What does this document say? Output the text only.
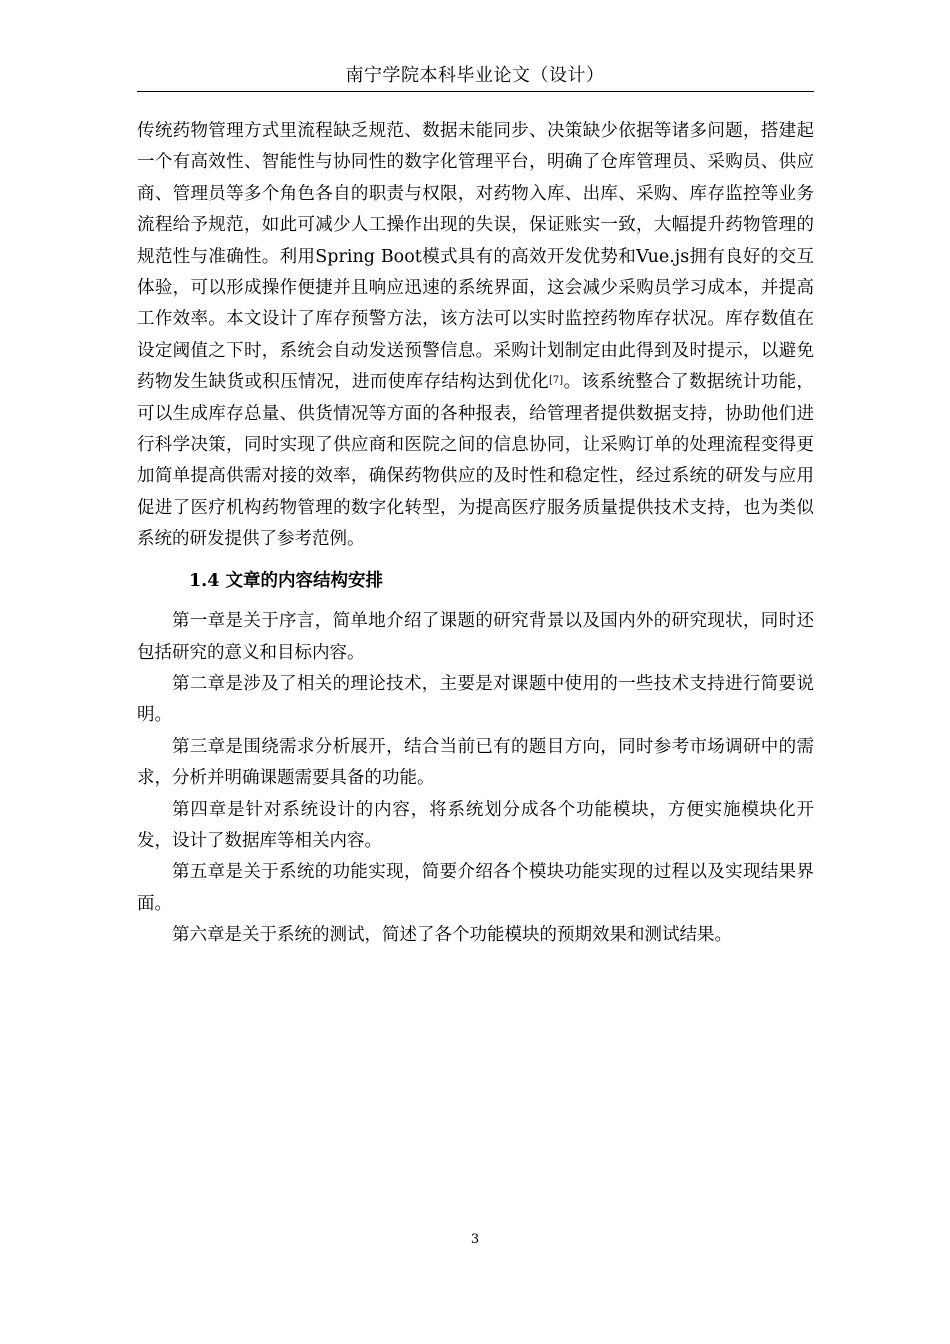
南宁学院本科毕业论文（设计）

传统药物管理方式里流程缺乏规范、数据未能同步、决策缺少依据等诸多问题，搭建起一个有高效性、智能性与协同性的数字化管理平台，明确了仓库管理员、采购员、供应商、管理员等多个角色各自的职责与权限，对药物入库、出库、采购、库存监控等业务流程给予规范，如此可减少人工操作出现的失误，保证账实一致，大幅提升药物管理的规范性与准确性。利用Spring Boot模式具有的高效开发优势和Vue.js拥有良好的交互体验，可以形成操作便捷并且响应迅速的系统界面，这会减少采购员学习成本，并提高工作效率。本文设计了库存预警方法，该方法可以实时监控药物库存状况。库存数值在设定阈值之下时，系统会自动发送预警信息。采购计划制定由此得到及时提示，以避免药物发生缺货或积压情况，进而使库存结构达到优化[7]。该系统整合了数据统计功能，可以生成库存总量、供货情况等方面的各种报表，给管理者提供数据支持，协助他们进行科学决策，同时实现了供应商和医院之间的信息协同，让采购订单的处理流程变得更加简单提高供需对接的效率，确保药物供应的及时性和稳定性，经过系统的研发与应用促进了医疗机构药物管理的数字化转型，为提高医疗服务质量提供技术支持，也为类似系统的研发提供了参考范例。

1.4 文章的内容结构安排

第一章是关于序言，简单地介绍了课题的研究背景以及国内外的研究现状，同时还包括研究的意义和目标内容。

第二章是涉及了相关的理论技术，主要是对课题中使用的一些技术支持进行简要说明。

第三章是围绕需求分析展开，结合当前已有的题目方向，同时参考市场调研中的需求，分析并明确课题需要具备的功能。

第四章是针对系统设计的内容，将系统划分成各个功能模块，方便实施模块化开发，设计了数据库等相关内容。

第五章是关于系统的功能实现，简要介绍各个模块功能实现的过程以及实现结果界面。

第六章是关于系统的测试，简述了各个功能模块的预期效果和测试结果。

3
